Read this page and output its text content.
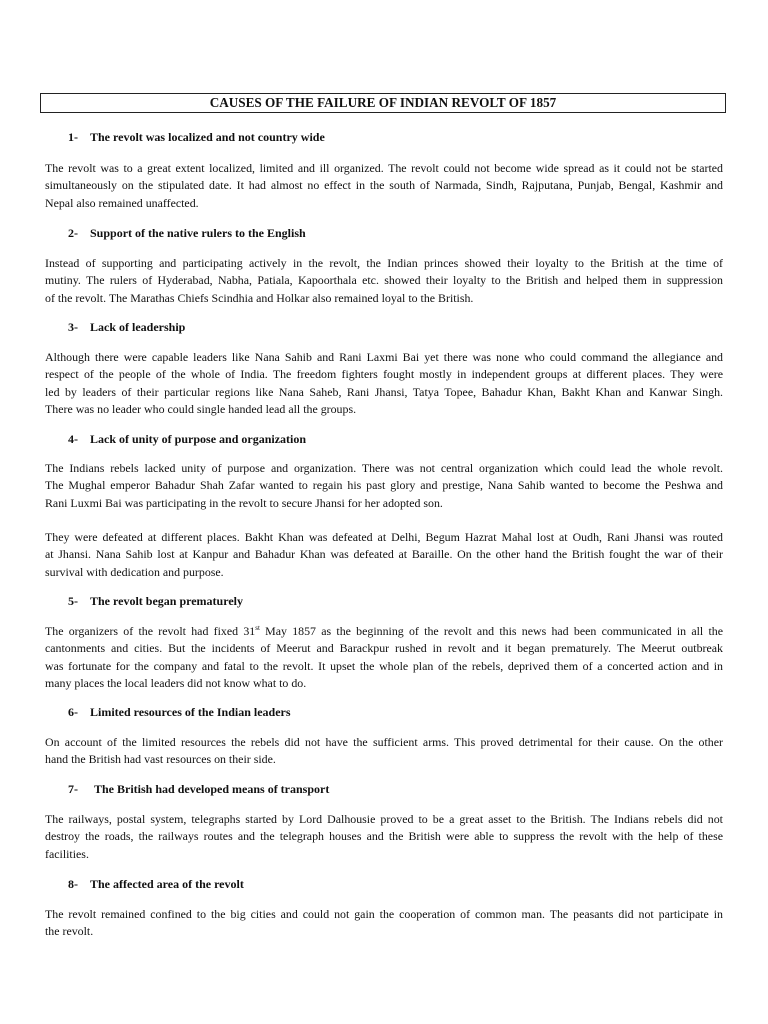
CAUSES OF THE FAILURE OF INDIAN REVOLT OF 1857
1- The revolt was localized and not country wide
The revolt was to a great extent localized, limited and ill organized. The revolt could not become wide spread as it could not be started
simultaneously on the stipulated date. It had almost no effect in the south of Narmada, Sindh, Rajputana, Punjab, Bengal, Kashmir and
Nepal also remained unaffected.
2- Support of the native rulers to the English
Instead of supporting and participating actively in the revolt, the Indian princes showed their loyalty to the British at the time of
mutiny. The rulers of Hyderabad, Nabha, Patiala, Kapoorthala etc. showed their loyalty to the British and helped them in suppression
of the revolt. The Marathas Chiefs Scindhia and Holkar also remained loyal to the British.
3- Lack of leadership
Although there were capable leaders like Nana Sahib and Rani Laxmi Bai yet there was none who could command the allegiance and
respect of the people of the whole of India. The freedom fighters fought mostly in independent groups at different places. They were
led by leaders of their particular regions like Nana Saheb, Rani Jhansi, Tatya Topee, Bahadur Khan, Bakht Khan and Kanwar Singh.
There was no leader who could single handed lead all the groups.
4- Lack of unity of purpose and organization
The Indians rebels lacked unity of purpose and organization. There was not central organization which could lead the whole revolt.
The Mughal emperor Bahadur Shah Zafar wanted to regain his past glory and prestige, Nana Sahib wanted to become the Peshwa and
Rani Luxmi Bai was participating in the revolt to secure Jhansi for her adopted son.
They were defeated at different places. Bakht Khan was defeated at Delhi, Begum Hazrat Mahal lost at Oudh, Rani Jhansi was routed
at Jhansi. Nana Sahib lost at Kanpur and Bahadur Khan was defeated at Baraille. On the other hand the British fought the war of their
survival with dedication and purpose.
5- The revolt began prematurely
The organizers of the revolt had fixed 31st May 1857 as the beginning of the revolt and this news had been communicated in all the
cantonments and cities. But the incidents of Meerut and Barackpur rushed in revolt and it began prematurely. The Meerut outbreak
was fortunate for the company and fatal to the revolt. It upset the whole plan of the rebels, deprived them of a concerted action and in
many places the local leaders did not know what to do.
6- Limited resources of the Indian leaders
On account of the limited resources the rebels did not have the sufficient arms. This proved detrimental for their cause. On the other
hand the British had vast resources on their side.
7- The British had developed means of transport
The railways, postal system, telegraphs started by Lord Dalhousie proved to be a great asset to the British. The Indians rebels did not
destroy the roads, the railways routes and the telegraph houses and the British were able to suppress the revolt with the help of these
facilities.
8- The affected area of the revolt
The revolt remained confined to the big cities and could not gain the cooperation of common man. The peasants did not participate in
the revolt.
